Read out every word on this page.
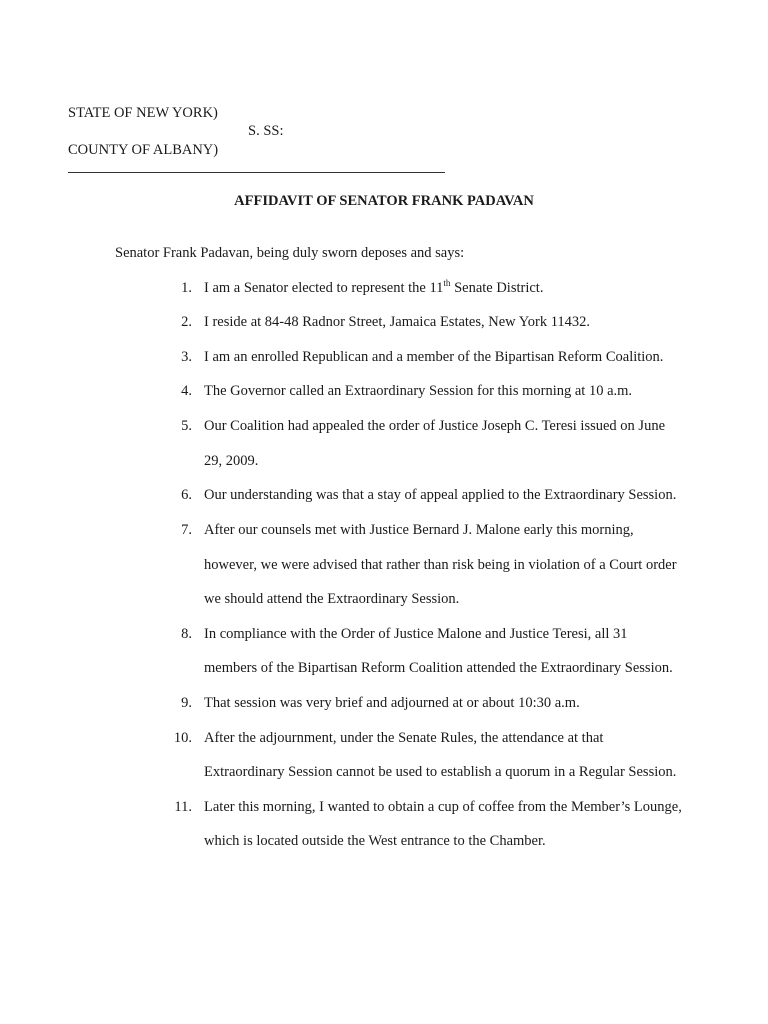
STATE OF NEW YORK)
S. SS:
COUNTY OF ALBANY)
AFFIDAVIT OF SENATOR FRANK PADAVAN
Senator Frank Padavan, being duly sworn deposes and says:
1. I am a Senator elected to represent the 11th Senate District.
2. I reside at 84-48 Radnor Street, Jamaica Estates, New York 11432.
3. I am an enrolled Republican and a member of the Bipartisan Reform Coalition.
4. The Governor called an Extraordinary Session for this morning at 10 a.m.
5. Our Coalition had appealed the order of Justice Joseph C. Teresi issued on June
29, 2009.
6. Our understanding was that a stay of appeal applied to the Extraordinary Session.
7. After our counsels met with Justice Bernard J. Malone early this morning,
however, we were advised that rather than risk being in violation of a Court order
we should attend the Extraordinary Session.
8. In compliance with the Order of Justice Malone and Justice Teresi, all 31
members of the Bipartisan Reform Coalition attended the Extraordinary Session.
9. That session was very brief and adjourned at or about 10:30 a.m.
10. After the adjournment, under the Senate Rules, the attendance at that
Extraordinary Session cannot be used to establish a quorum in a Regular Session.
11. Later this morning, I wanted to obtain a cup of coffee from the Member’s Lounge,
which is located outside the West entrance to the Chamber.
